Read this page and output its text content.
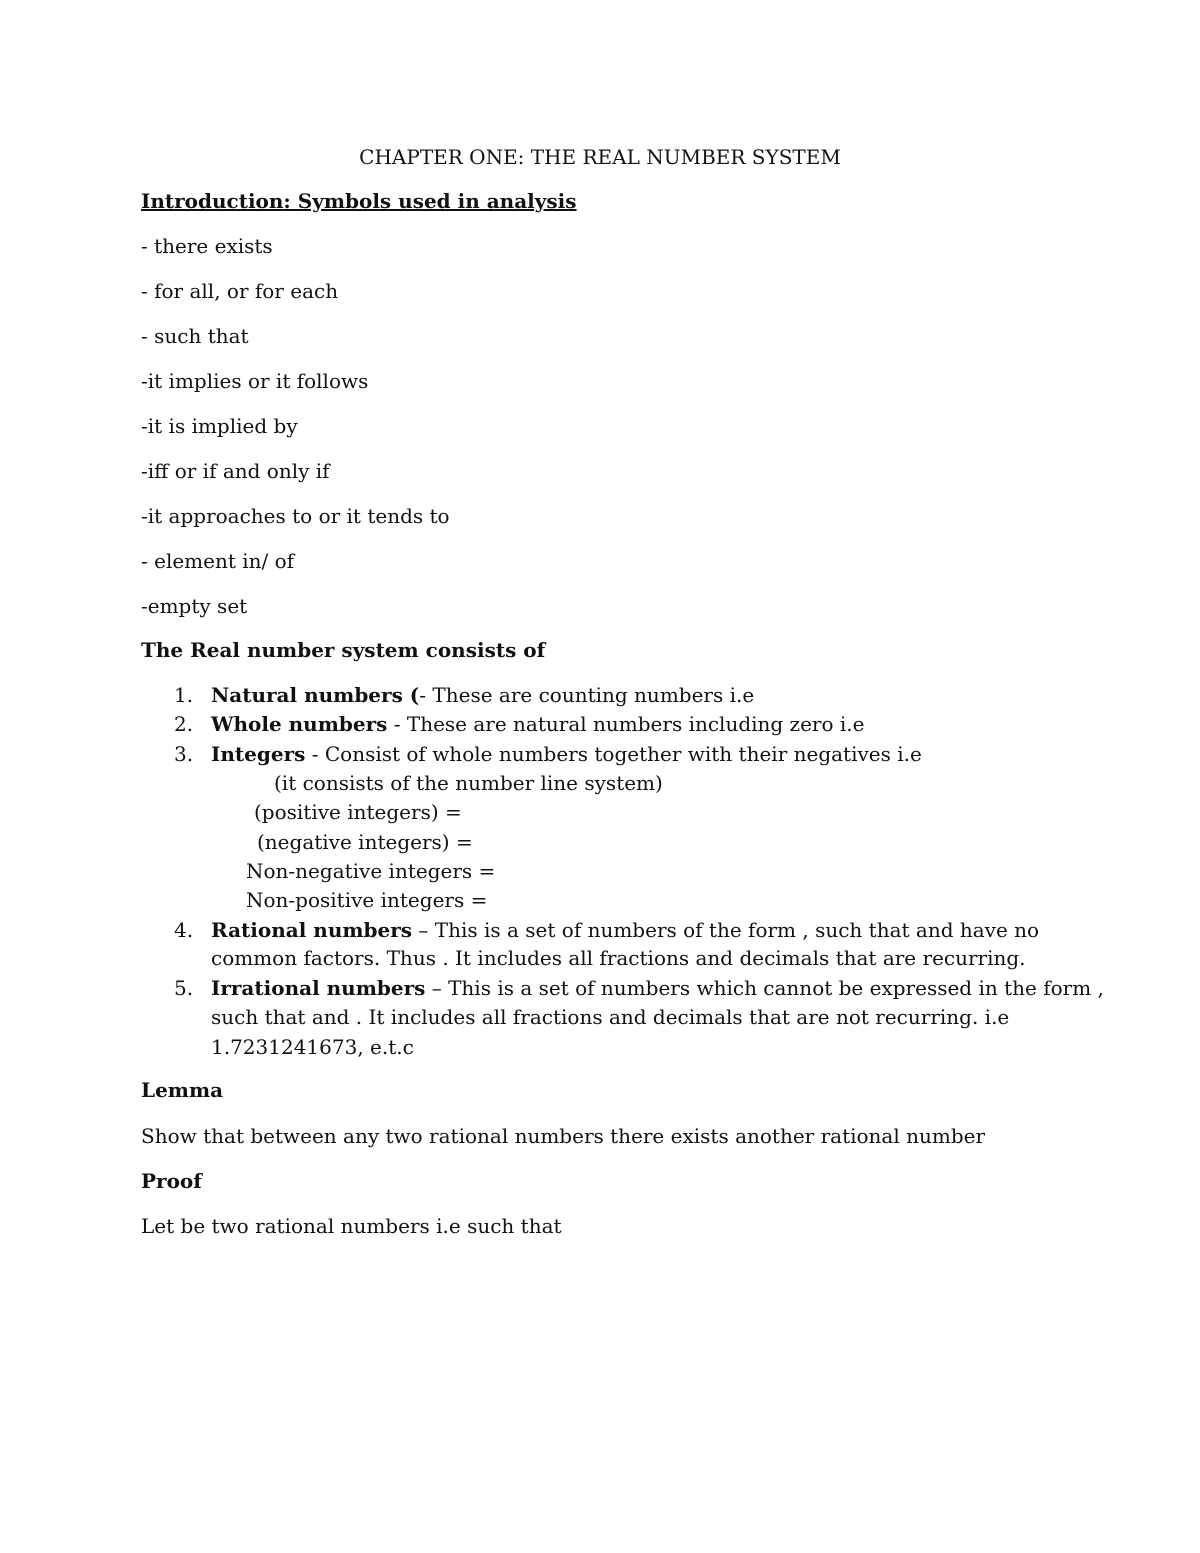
CHAPTER ONE: THE REAL NUMBER SYSTEM
Introduction: Symbols used in analysis
- there exists
- for all, or for each
- such that
-it implies or it follows
-it is implied by
-iff or if and only if
-it approaches to or it tends to
- element in/ of
-empty set
The Real number system consists of
1. Natural numbers (- These are counting numbers i.e
2. Whole numbers - These are natural numbers including zero i.e
3. Integers - Consist of whole numbers together with their negatives i.e
(it consists of the number line system)
(positive integers) =
(negative integers) =
Non-negative integers =
Non-positive integers =
4. Rational numbers – This is a set of numbers of the form , such that and have no
common factors. Thus . It includes all fractions and decimals that are recurring.
5. Irrational numbers – This is a set of numbers which cannot be expressed in the form ,
such that and . It includes all fractions and decimals that are not recurring. i.e
1.7231241673, e.t.c
Lemma
Show that between any two rational numbers there exists another rational number
Proof
Let be two rational numbers i.e such that
